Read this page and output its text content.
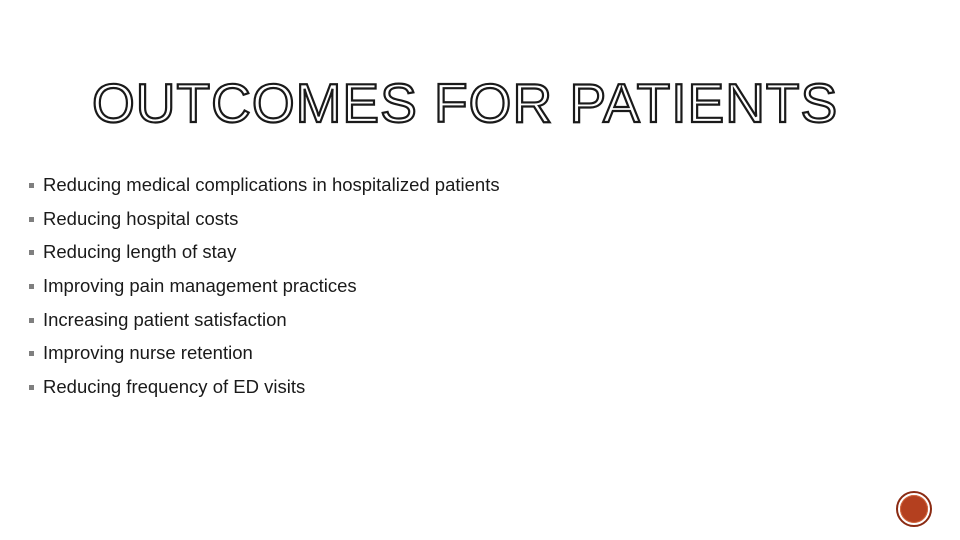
OUTCOMES FOR PATIENTS
Reducing medical complications in hospitalized patients
Reducing hospital costs
Reducing length of stay
Improving pain management practices
Increasing patient satisfaction
Improving nurse retention
Reducing frequency of ED visits
